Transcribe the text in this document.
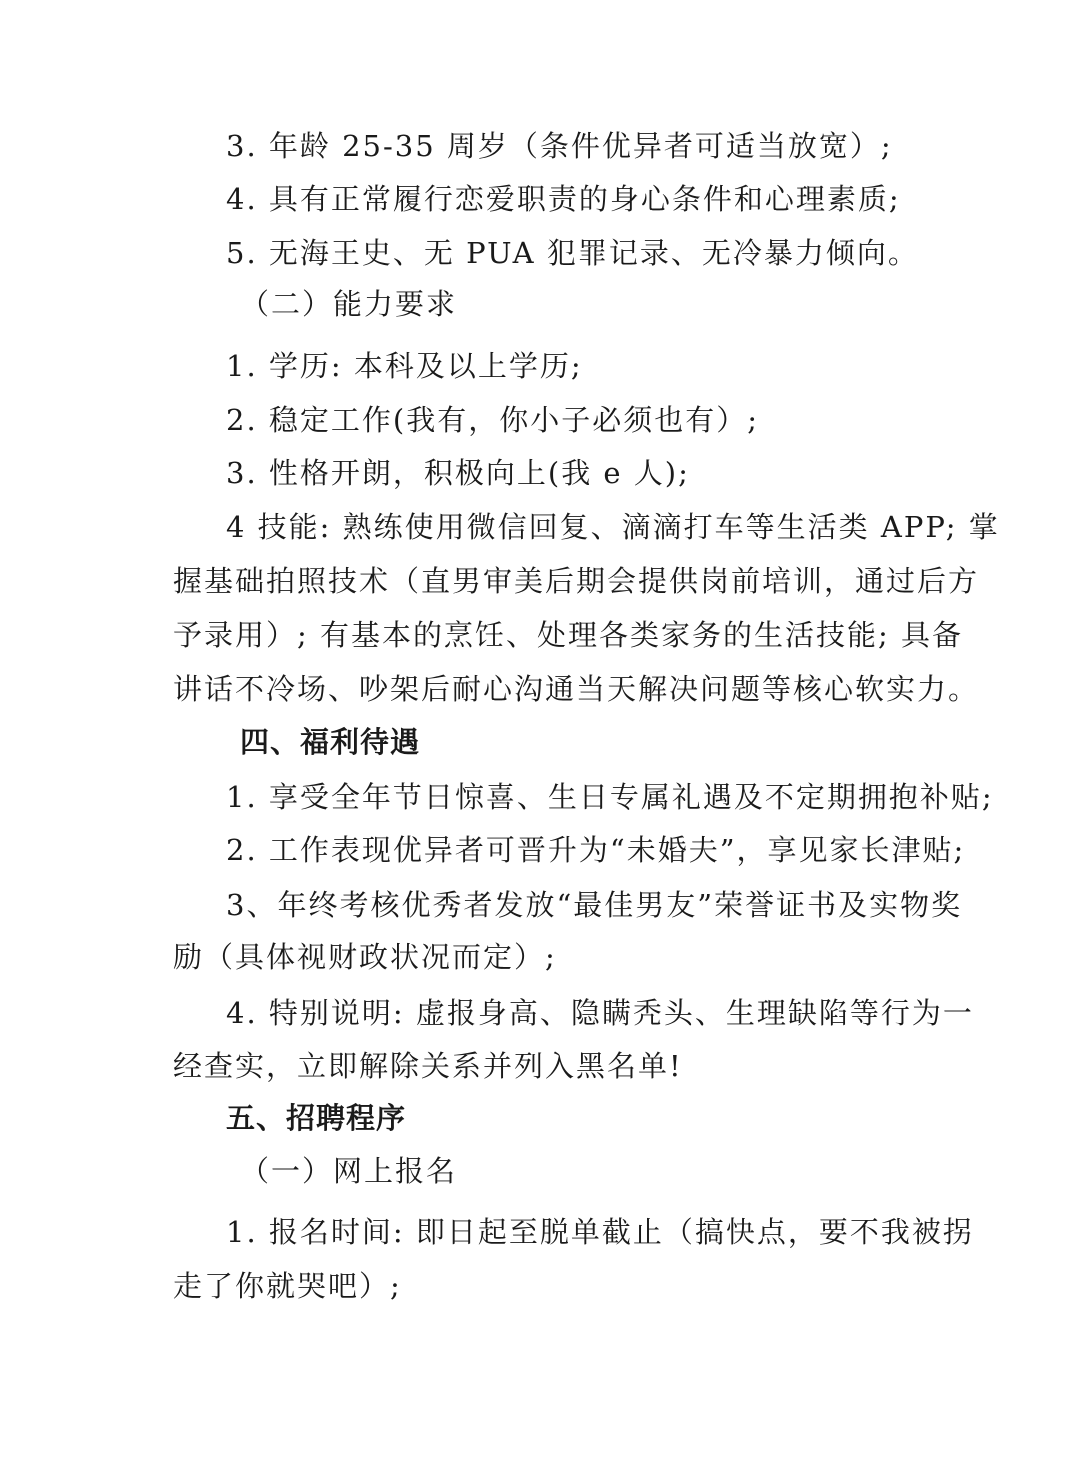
3. 年龄 25-35 周岁（条件优异者可适当放宽）;
4. 具有正常履行恋爱职责的身心条件和心理素质;
5. 无海王史、无 PUA 犯罪记录、无冷暴力倾向。
（二）能力要求
1. 学历: 本科及以上学历;
2. 稳定工作(我有，你小子必须也有）;
3. 性格开朗，积极向上(我 e 人);
4 技能: 熟练使用微信回复、滴滴打车等生活类 APP; 掌
握基础拍照技术（直男审美后期会提供岗前培训，通过后方
予录用）; 有基本的烹饪、处理各类家务的生活技能; 具备
讲话不冷场、吵架后耐心沟通当天解决问题等核心软实力。
四、福利待遇
1. 享受全年节日惊喜、生日专属礼遇及不定期拥抱补贴;
2. 工作表现优异者可晋升为“未婚夫”，享见家长津贴;
3、年终考核优秀者发放“最佳男友”荣誉证书及实物奖
励（具体视财政状况而定）;
4. 特别说明: 虚报身高、隐瞒秃头、生理缺陷等行为一
经查实，立即解除关系并列入黑名单!
五、招聘程序
（一）网上报名
1. 报名时间: 即日起至脱单截止（搞快点，要不我被拐
走了你就哭吧）;
